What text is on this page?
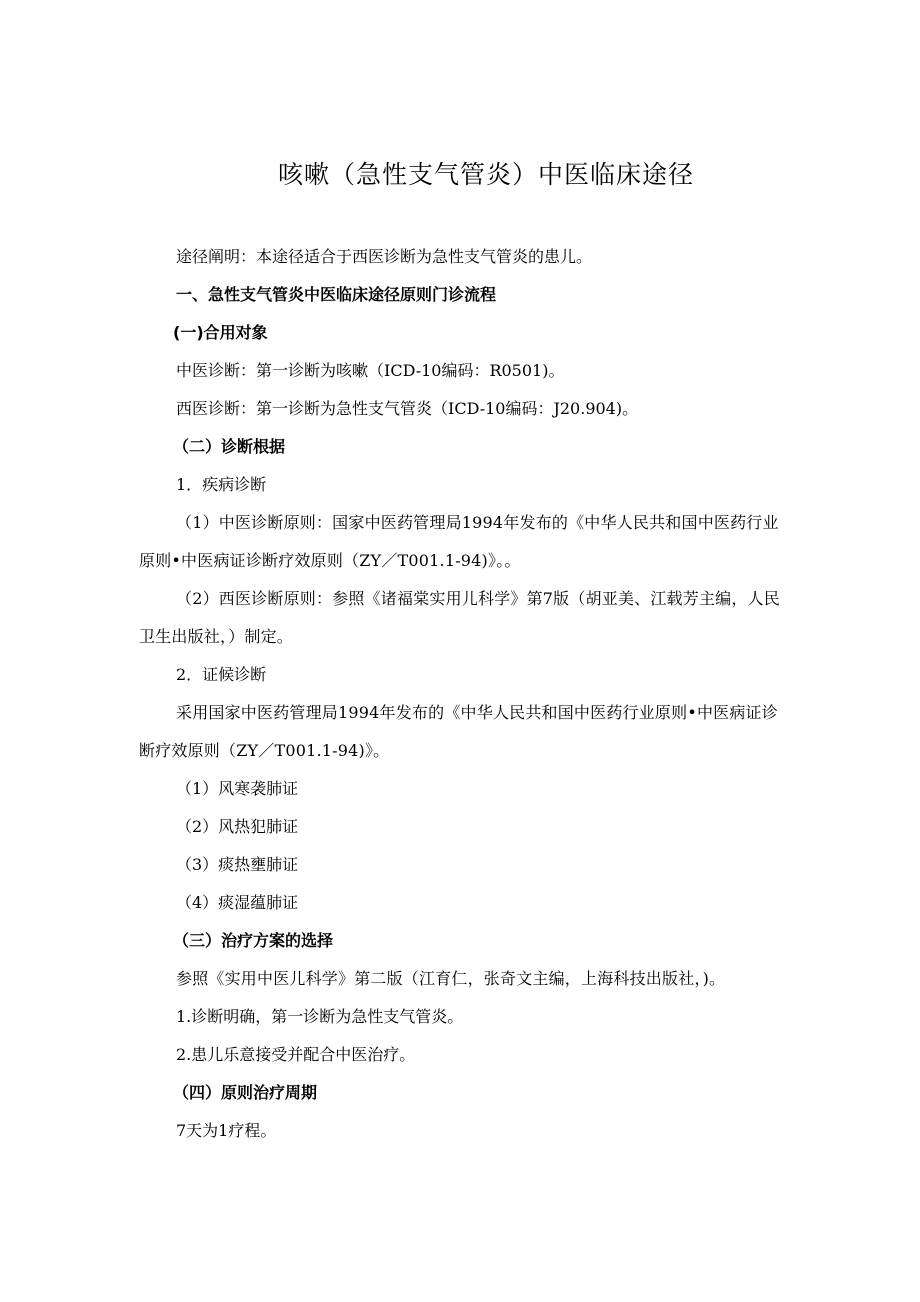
咳嗽（急性支气管炎）中医临床途径

途径阐明：本途径适合于西医诊断为急性支气管炎的患儿。

一、急性支气管炎中医临床途径原则门诊流程

(一)合用对象

中医诊断：第一诊断为咳嗽（ICD-10编码：R0501)。

西医诊断：第一诊断为急性支气管炎（ICD-10编码：J20.904)。

（二）诊断根据

1．疾病诊断

（1）中医诊断原则：国家中医药管理局1994年发布的《中华人民共和国中医药行业原则•中医病证诊断疗效原则（ZY／T001.1-94)》。。

（2）西医诊断原则：参照《诸福棠实用儿科学》第7版（胡亚美、江载芳主编，人民卫生出版社，）制定。

2．证候诊断

采用国家中医药管理局1994年发布的《中华人民共和国中医药行业原则•中医病证诊断疗效原则（ZY／T001.1-94)》。

（1）风寒袭肺证

（2）风热犯肺证

（3）痰热壅肺证

（4）痰湿蕴肺证

（三）治疗方案的选择

参照《实用中医儿科学》第二版（江育仁，张奇文主编，上海科技出版社，)。

1.诊断明确，第一诊断为急性支气管炎。

2.患儿乐意接受并配合中医治疗。

（四）原则治疗周期

7天为1疗程。
